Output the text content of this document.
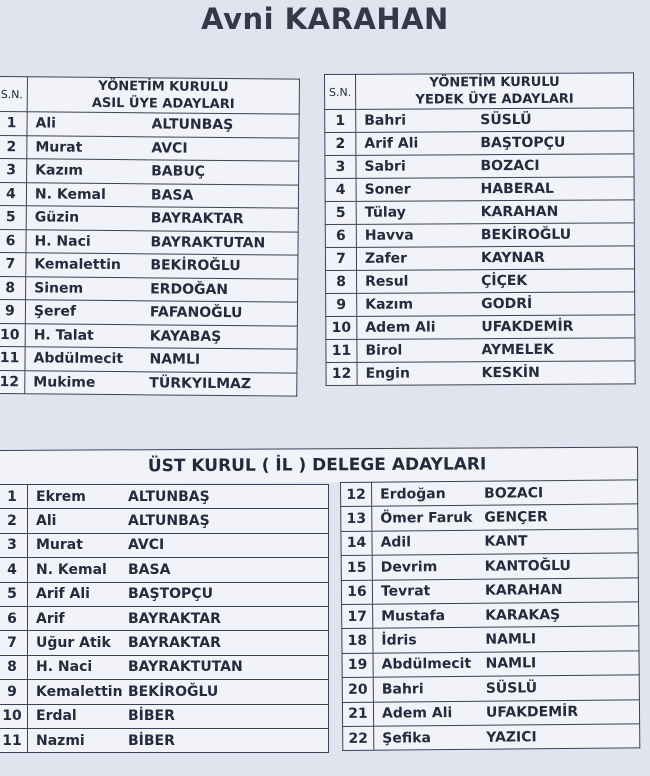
Avni KARAHAN
S.N.	YÖNETİM KURULU
ASIL ÜYE ADAYLARI	

1	Ali	ALTUNBAŞ
2	Murat	AVCI
3	Kazım	BABUÇ
4	N. Kemal	BASA
5	Güzin	BAYRAKTAR
6	H. Naci	BAYRAKTUTAN
7	Kemalettin	BEKİROĞLU
8	Sinem	ERDOĞAN
9	Şeref	FAFANOĞLU
10	H. Talat	KAYABAŞ
11	Abdülmecit	NAMLI
12	Mukime	TÜRKYILMAZ
S.N.	YÖNETİM KURULU
YEDEK ÜYE ADAYLARI	

1	Bahri	SÜSLÜ
2	Arif Ali	BAŞTOPÇU
3	Sabri	BOZACI
4	Soner	HABERAL
5	Tülay	KARAHAN
6	Havva	BEKİROĞLU
7	Zafer	KAYNAR
8	Resul	ÇİÇEK
9	Kazım	GODRİ
10	Adem Ali	UFAKDEMİR
11	Birol	AYMELEK
12	Engin	KESKİN
ÜST KURUL ( İL ) DELEGE ADAYLARI
1	Ekrem	ALTUNBAŞ
2	Ali	ALTUNBAŞ
3	Murat	AVCI
4	N. Kemal	BASA
5	Arif Ali	BAŞTOPÇU
6	Arif	BAYRAKTAR
7	Uğur Atik	BAYRAKTAR
8	H. Naci	BAYRAKTUTAN
9	Kemalettin	BEKİROĞLU
10	Erdal	BİBER
11	Nazmi	BİBER
12	Erdoğan	BOZACI
13	Ömer Faruk	GENÇER
14	Adil	KANT
15	Devrim	KANTOĞLU
16	Tevrat	KARAHAN
17	Mustafa	KARAKAŞ
18	İdris	NAMLI
19	Abdülmecit	NAMLI
20	Bahri	SÜSLÜ
21	Adem Ali	UFAKDEMİR
22	Şefika	YAZICI
